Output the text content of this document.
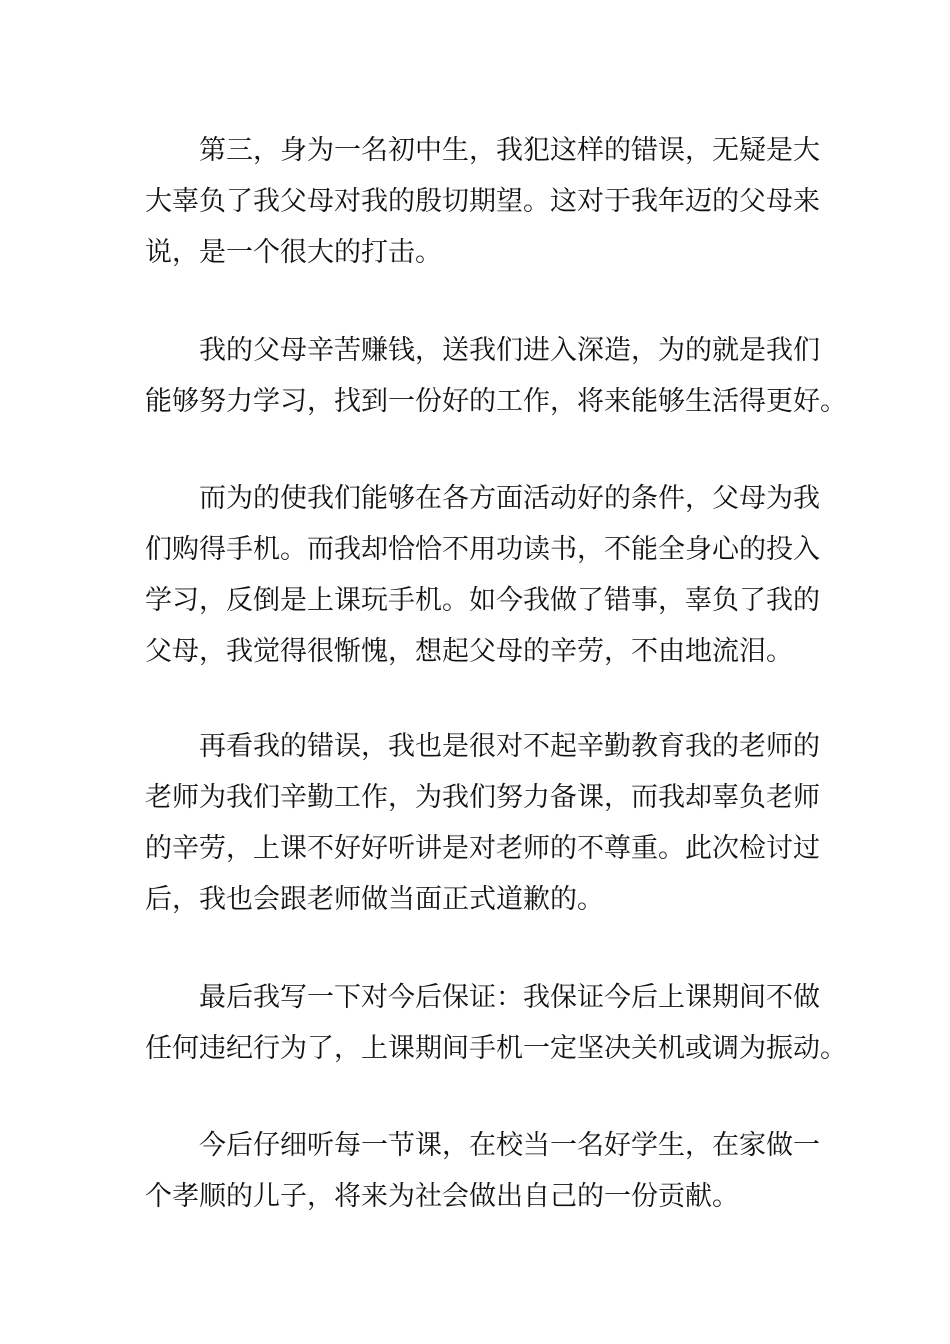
第三，身为一名初中生，我犯这样的错误，无疑是大
大辜负了我父母对我的殷切期望。这对于我年迈的父母来
说，是一个很大的打击。

我的父母辛苦赚钱，送我们进入深造，为的就是我们
能够努力学习，找到一份好的工作，将来能够生活得更好。

而为的使我们能够在各方面活动好的条件，父母为我
们购得手机。而我却恰恰不用功读书，不能全身心的投入
学习，反倒是上课玩手机。如今我做了错事，辜负了我的
父母，我觉得很惭愧，想起父母的辛劳，不由地流泪。

再看我的错误，我也是很对不起辛勤教育我的老师的
老师为我们辛勤工作，为我们努力备课，而我却辜负老师
的辛劳，上课不好好听讲是对老师的不尊重。此次检讨过
后，我也会跟老师做当面正式道歉的。

最后我写一下对今后保证：我保证今后上课期间不做
任何违纪行为了，上课期间手机一定坚决关机或调为振动。

今后仔细听每一节课，在校当一名好学生，在家做一
个孝顺的儿子，将来为社会做出自己的一份贡献。
